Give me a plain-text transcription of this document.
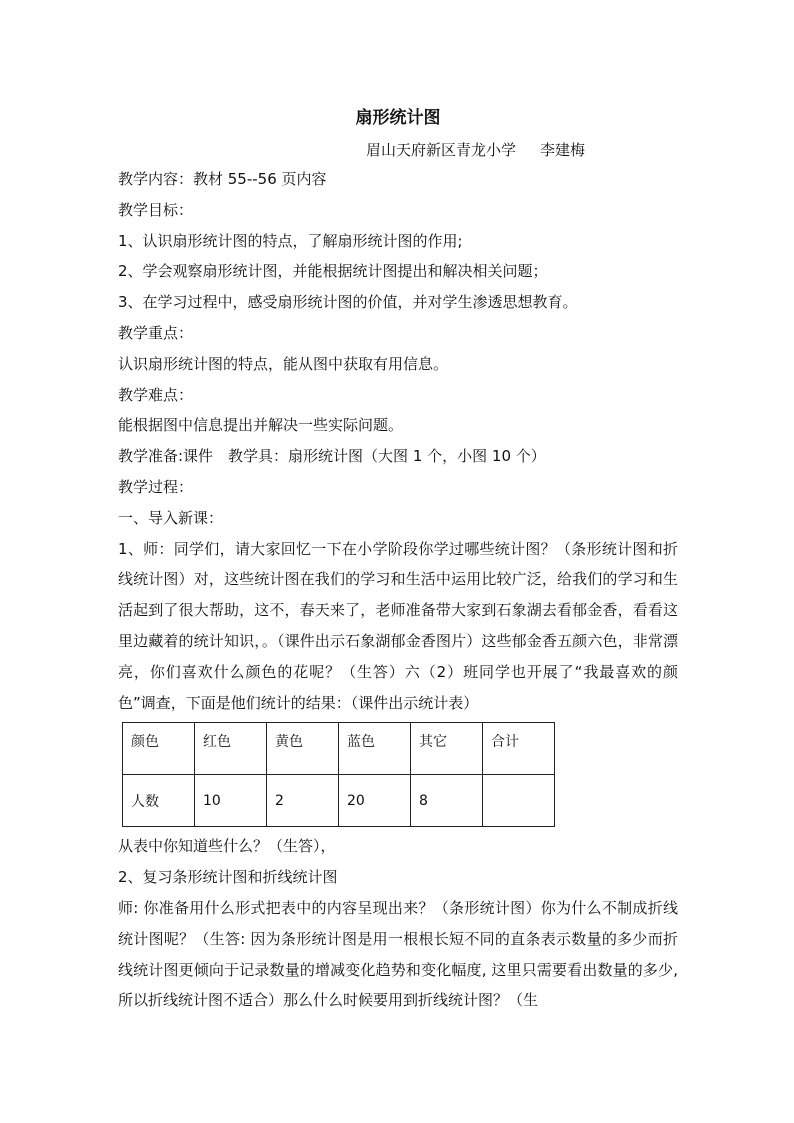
扇形统计图
眉山天府新区青龙小学 李建梅

教学内容：教材 55--56 页内容

教学目标：

1、认识扇形统计图的特点，了解扇形统计图的作用;

2、学会观察扇形统计图，并能根据统计图提出和解决相关问题；

3、在学习过程中，感受扇形统计图的价值，并对学生渗透思想教育。

教学重点：

认识扇形统计图的特点，能从图中获取有用信息。

教学难点：

能根据图中信息提出并解决一些实际问题。

教学准备:课件　教学具：扇形统计图（大图 1 个，小图 10 个）

教学过程：

一、导入新课：

1、师：同学们，请大家回忆一下在小学阶段你学过哪些统计图？（条形统计图和折线统计图）对，这些统计图在我们的学习和生活中运用比较广泛，给我们的学习和生活起到了很大帮助，这不，春天来了，老师准备带大家到石象湖去看郁金香，看看这里边藏着的统计知识，。（课件出示石象湖郁金香图片）这些郁金香五颜六色，非常漂亮，你们喜欢什么颜色的花呢？（生答）六（2）班同学也开展了“我最喜欢的颜色”调查，下面是他们统计的结果：（课件出示统计表）

颜色	红色	黄色	蓝色	其它	合计
人数	10	2	20	8	

从表中你知道些什么？（生答），

2、复习条形统计图和折线统计图

师: 你准备用什么形式把表中的内容呈现出来？（条形统计图）你为什么不制成折线统计图呢？（生答: 因为条形统计图是用一根根长短不同的直条表示数量的多少而折线统计图更倾向于记录数量的增减变化趋势和变化幅度, 这里只需要看出数量的多少, 所以折线统计图不适合）那么什么时候要用到折线统计图？（生
